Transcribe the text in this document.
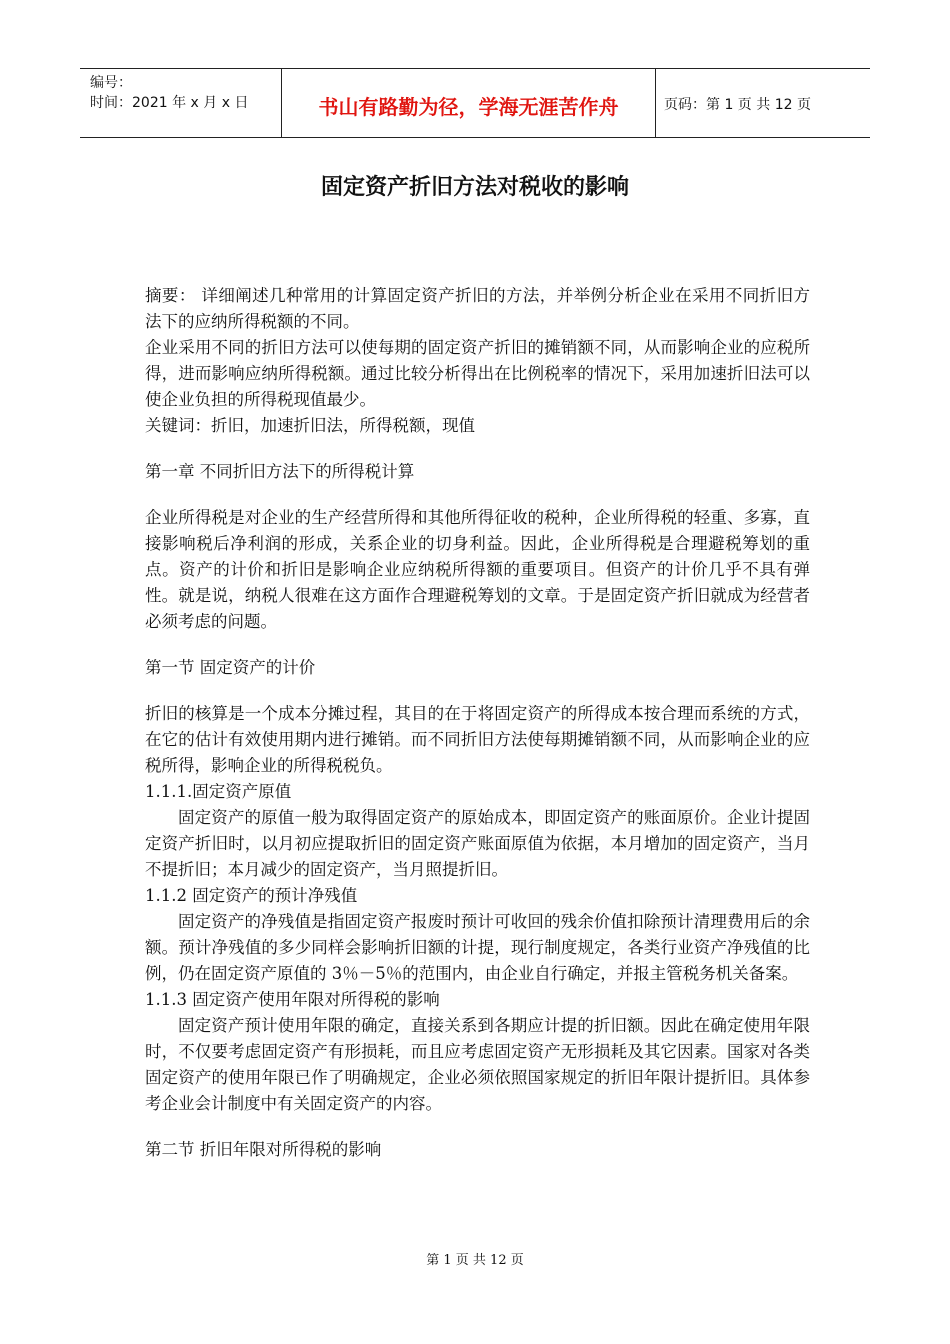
编号：
时间：2021 年 x 月 x 日	书山有路勤为径，学海无涯苦作舟	页码：第 1 页 共 12 页
固定资产折旧方法对税收的影响

摘要： 详细阐述几种常用的计算固定资产折旧的方法，并举例分析企业在采用不同折旧方法下的应纳所得税额的不同。

企业采用不同的折旧方法可以使每期的固定资产折旧的摊销额不同，从而影响企业的应税所得，进而影响应纳所得税额。通过比较分析得出在比例税率的情况下，采用加速折旧法可以使企业负担的所得税现值最少。

关键词：折旧，加速折旧法，所得税额，现值

第一章 不同折旧方法下的所得税计算

企业所得税是对企业的生产经营所得和其他所得征收的税种，企业所得税的轻重、多寡，直接影响税后净利润的形成，关系企业的切身利益。因此，企业所得税是合理避税筹划的重点。资产的计价和折旧是影响企业应纳税所得额的重要项目。但资产的计价几乎不具有弹性。就是说，纳税人很难在这方面作合理避税筹划的文章。于是固定资产折旧就成为经营者必须考虑的问题。

第一节 固定资产的计价

折旧的核算是一个成本分摊过程，其目的在于将固定资产的所得成本按合理而系统的方式，在它的估计有效使用期内进行摊销。而不同折旧方法使每期摊销额不同，从而影响企业的应税所得，影响企业的所得税税负。

1.1.1.固定资产原值

固定资产的原值一般为取得固定资产的原始成本，即固定资产的账面原价。企业计提固定资产折旧时，以月初应提取折旧的固定资产账面原值为依据，本月增加的固定资产，当月不提折旧；本月减少的固定资产，当月照提折旧。

1.1.2 固定资产的预计净残值

固定资产的净残值是指固定资产报废时预计可收回的残余价值扣除预计清理费用后的余额。预计净残值的多少同样会影响折旧额的计提，现行制度规定，各类行业资产净残值的比例，仍在固定资产原值的 3％－5％的范围内，由企业自行确定，并报主管税务机关备案。

1.1.3 固定资产使用年限对所得税的影响

固定资产预计使用年限的确定，直接关系到各期应计提的折旧额。因此在确定使用年限时，不仅要考虑固定资产有形损耗，而且应考虑固定资产无形损耗及其它因素。国家对各类固定资产的使用年限已作了明确规定，企业必须依照国家规定的折旧年限计提折旧。具体参考企业会计制度中有关固定资产的内容。

第二节 折旧年限对所得税的影响

第 1 页 共 12 页
